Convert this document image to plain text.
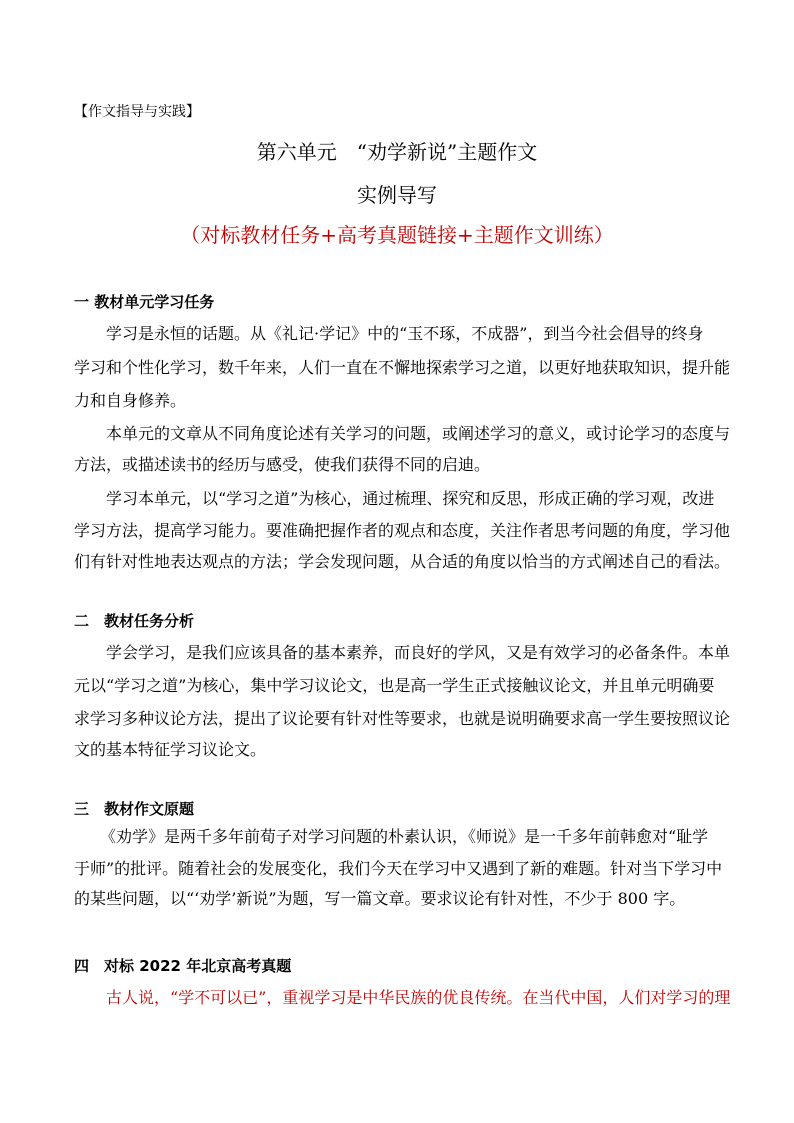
【作文指导与实践】
第六单元　“劝学新说”主题作文
实例导写
（对标教材任务+高考真题链接+主题作文训练）
一 教材单元学习任务
学习是永恒的话题。从《礼记·学记》中的“玉不琢，不成器”，到当今社会倡导的终身
学习和个性化学习，数千年来，人们一直在不懈地探索学习之道，以更好地获取知识，提升能
力和自身修养。
本单元的文章从不同角度论述有关学习的问题，或阐述学习的意义，或讨论学习的态度与
方法，或描述读书的经历与感受，使我们获得不同的启迪。
学习本单元，以“学习之道”为核心，通过梳理、探究和反思，形成正确的学习观，改进
学习方法，提高学习能力。要准确把握作者的观点和态度，关注作者思考问题的角度，学习他
们有针对性地表达观点的方法；学会发现问题，从合适的角度以恰当的方式阐述自己的看法。
二　教材任务分析
学会学习，是我们应该具备的基本素养，而良好的学风，又是有效学习的必备条件。本单
元以“学习之道”为核心，集中学习议论文，也是高一学生正式接触议论文，并且单元明确要
求学习多种议论方法，提出了议论要有针对性等要求，也就是说明确要求高一学生要按照议论
文的基本特征学习议论文。
三　教材作文原题
《劝学》是两千多年前荀子对学习问题的朴素认识，《师说》是一千多年前韩愈对“耻学
于师”的批评。随着社会的发展变化，我们今天在学习中又遇到了新的难题。针对当下学习中
的某些问题，以“‘劝学’新说”为题，写一篇文章。要求议论有针对性，不少于 800 字。
四　对标 2022 年北京高考真题
古人说，“学不可以已”，重视学习是中华民族的优良传统。在当代中国，人们对学习的理
